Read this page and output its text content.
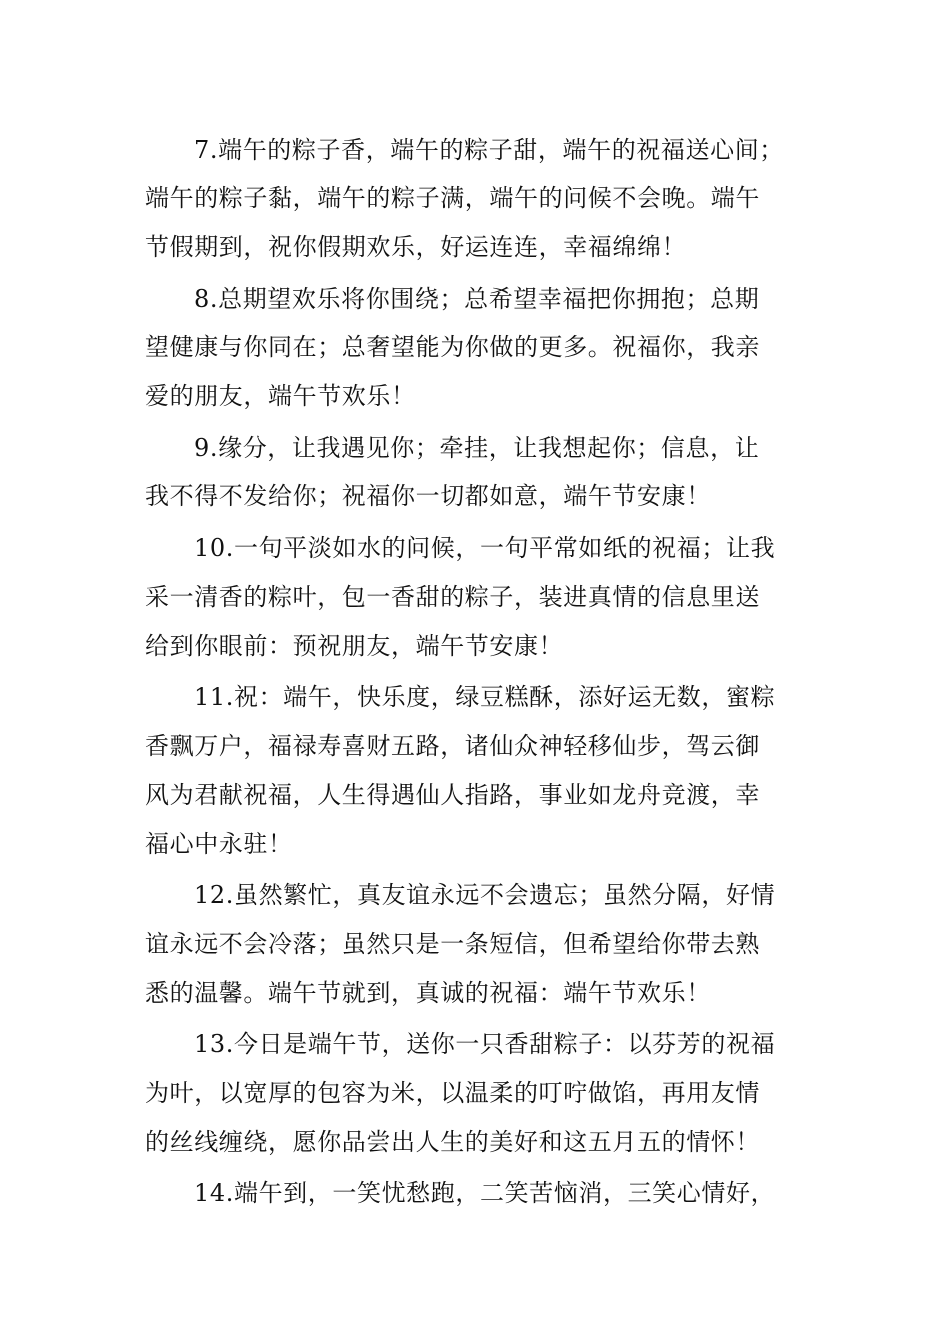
7.端午的粽子香，端午的粽子甜，端午的祝福送心间；
端午的粽子黏，端午的粽子满，端午的问候不会晚。端午
节假期到，祝你假期欢乐，好运连连，幸福绵绵！
8.总期望欢乐将你围绕；总希望幸福把你拥抱；总期
望健康与你同在；总奢望能为你做的更多。祝福你，我亲
爱的朋友，端午节欢乐！
9.缘分，让我遇见你；牵挂，让我想起你；信息，让
我不得不发给你；祝福你一切都如意，端午节安康！
10.一句平淡如水的问候，一句平常如纸的祝福；让我
采一清香的粽叶，包一香甜的粽子，装进真情的信息里送
给到你眼前：预祝朋友，端午节安康！
11.祝：端午，快乐度，绿豆糕酥，添好运无数，蜜粽
香飘万户，福禄寿喜财五路，诸仙众神轻移仙步，驾云御
风为君献祝福，人生得遇仙人指路，事业如龙舟竞渡，幸
福心中永驻！
12.虽然繁忙，真友谊永远不会遗忘；虽然分隔，好情
谊永远不会冷落；虽然只是一条短信，但希望给你带去熟
悉的温馨。端午节就到，真诚的祝福：端午节欢乐！
13.今日是端午节，送你一只香甜粽子：以芬芳的祝福
为叶，以宽厚的包容为米，以温柔的叮咛做馅，再用友情
的丝线缠绕，愿你品尝出人生的美好和这五月五的情怀！
14.端午到，一笑忧愁跑，二笑苦恼消，三笑心情好，
